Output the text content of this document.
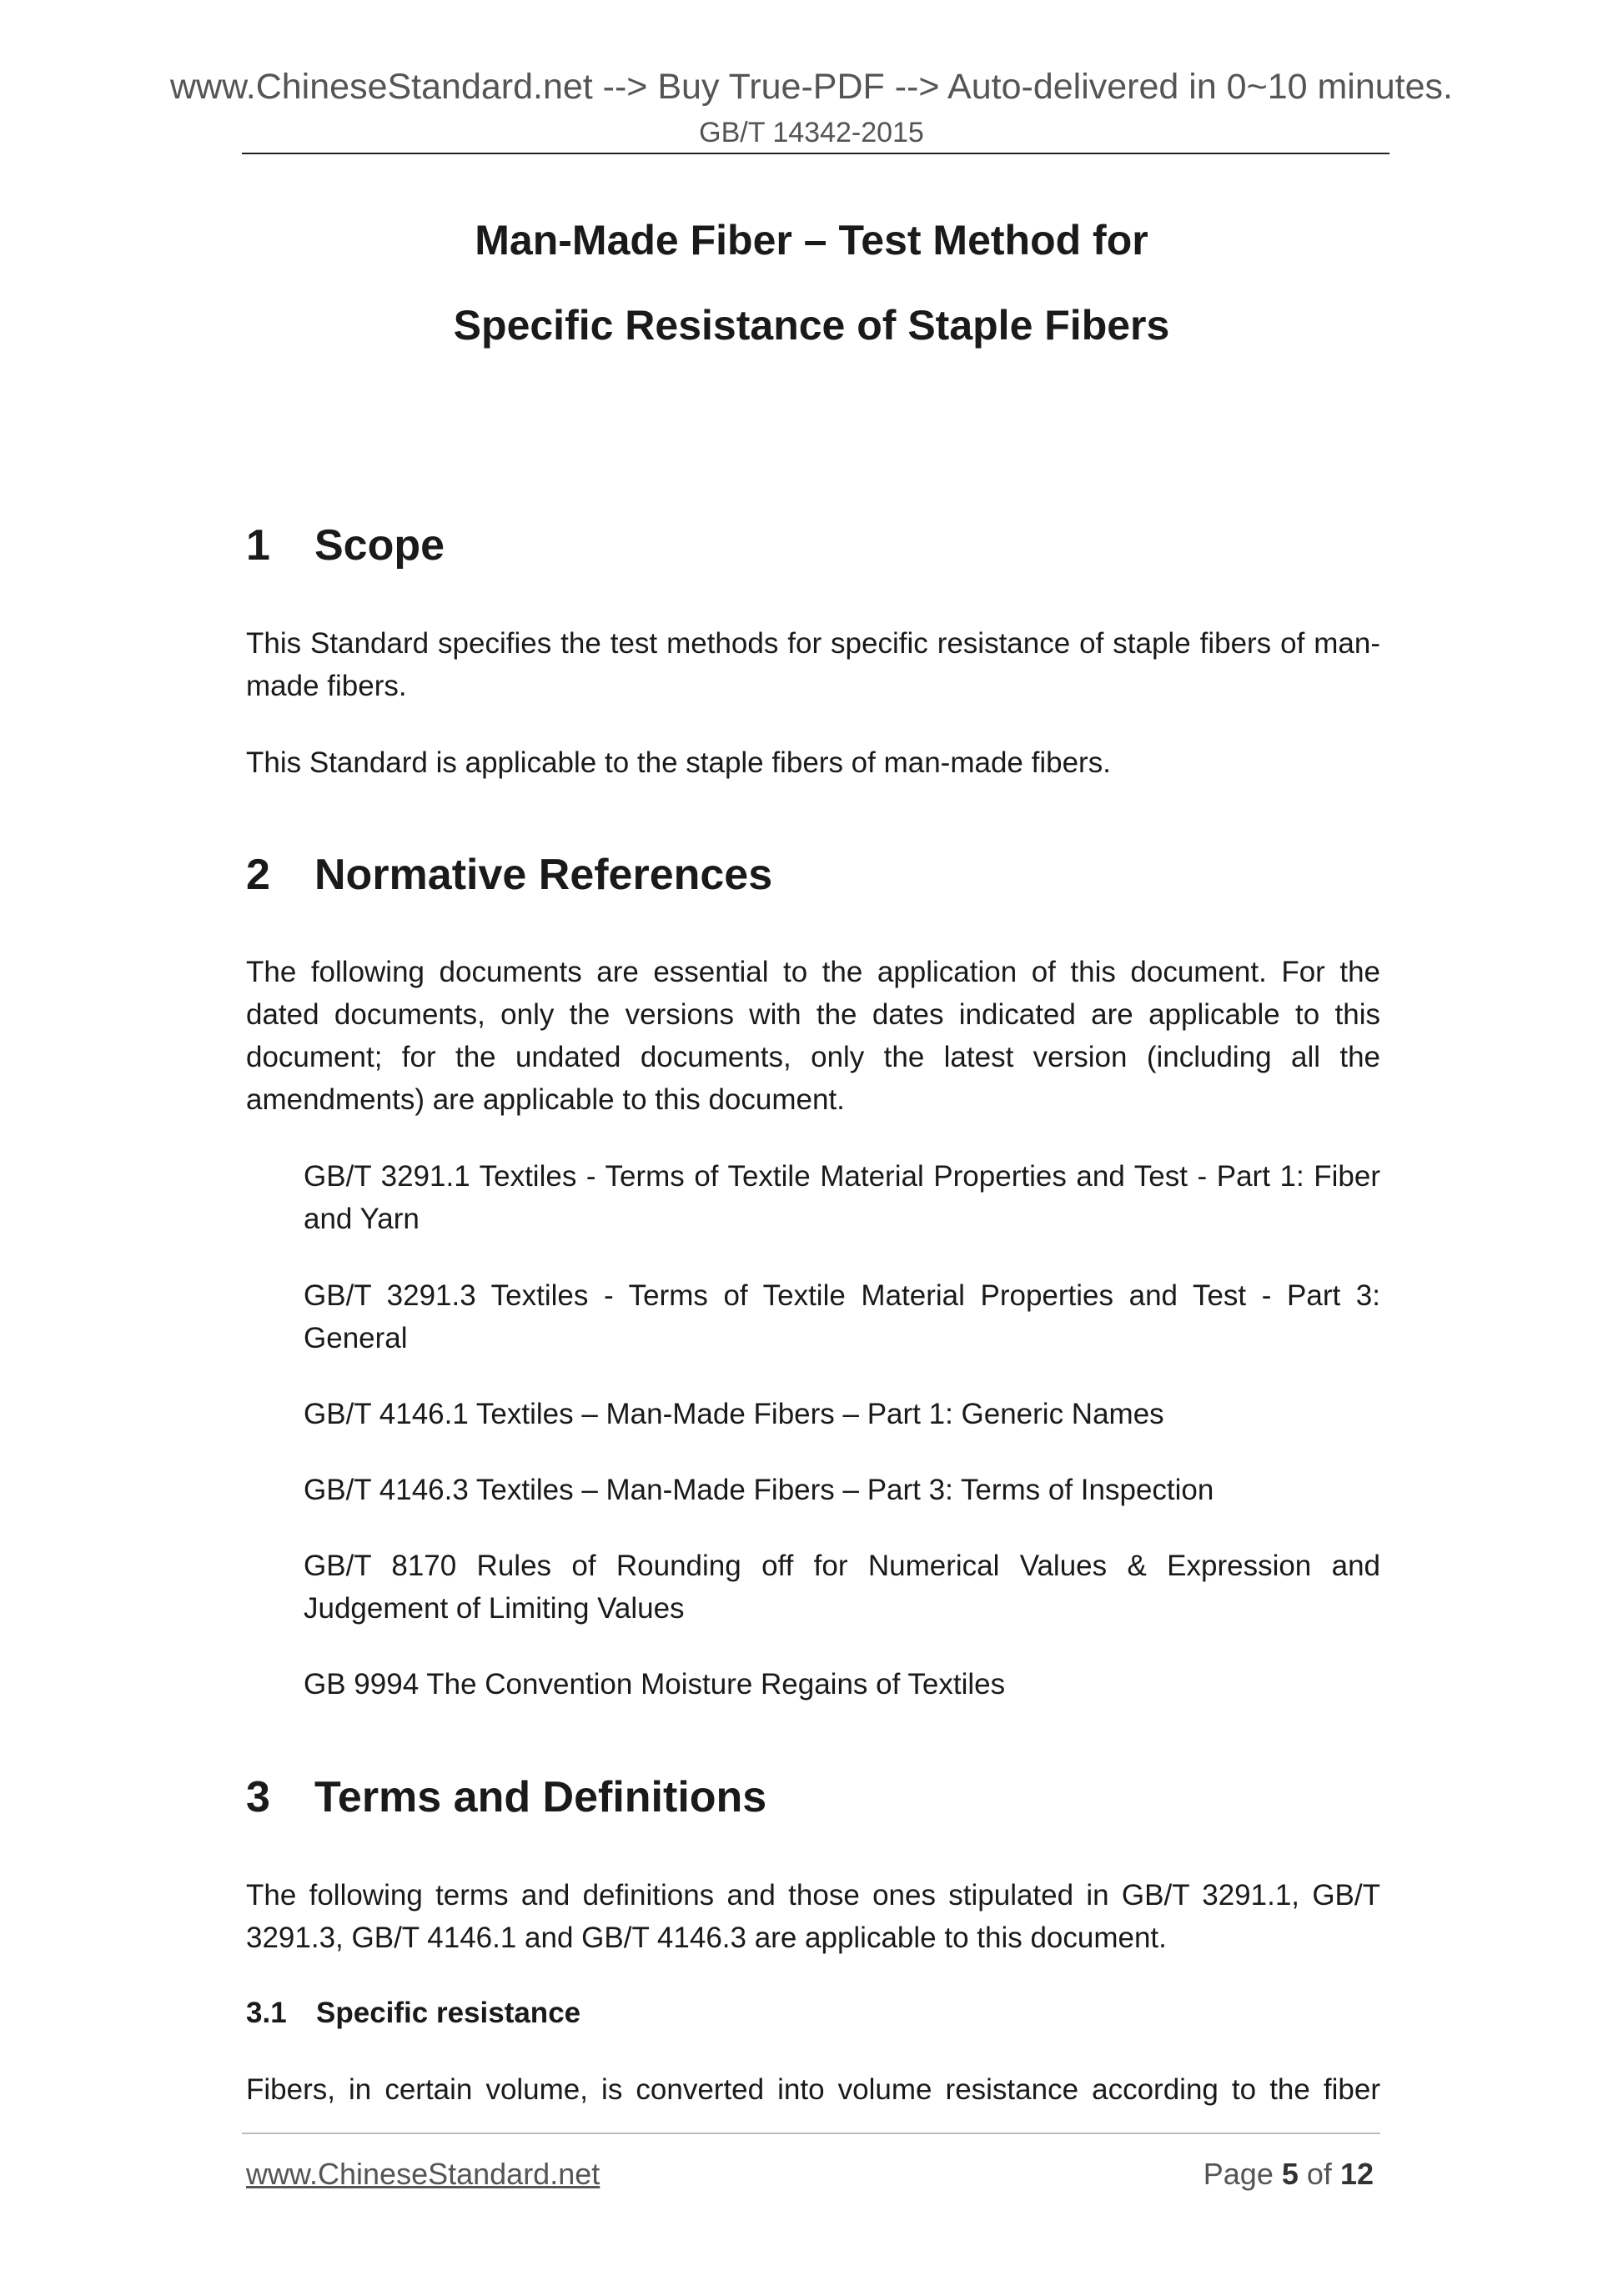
www.ChineseStandard.net --> Buy True-PDF --> Auto-delivered in 0~10 minutes.
GB/T 14342-2015
Man-Made Fiber – Test Method for
Specific Resistance of Staple Fibers
1 Scope
This Standard specifies the test methods for specific resistance of staple fibers of man-made fibers.
This Standard is applicable to the staple fibers of man-made fibers.
2 Normative References
The following documents are essential to the application of this document. For the dated documents, only the versions with the dates indicated are applicable to this document; for the undated documents, only the latest version (including all the amendments) are applicable to this document.
GB/T 3291.1 Textiles - Terms of Textile Material Properties and Test - Part 1: Fiber and Yarn
GB/T 3291.3 Textiles - Terms of Textile Material Properties and Test - Part 3: General
GB/T 4146.1 Textiles – Man-Made Fibers – Part 1: Generic Names
GB/T 4146.3 Textiles – Man-Made Fibers – Part 3: Terms of Inspection
GB/T 8170 Rules of Rounding off for Numerical Values & Expression and Judgement of Limiting Values
GB 9994 The Convention Moisture Regains of Textiles
3 Terms and Definitions
The following terms and definitions and those ones stipulated in GB/T 3291.1, GB/T 3291.3, GB/T 4146.1 and GB/T 4146.3 are applicable to this document.
3.1 Specific resistance
Fibers, in certain volume, is converted into volume resistance according to the fiber
www.ChineseStandard.net	Page 5 of 12
